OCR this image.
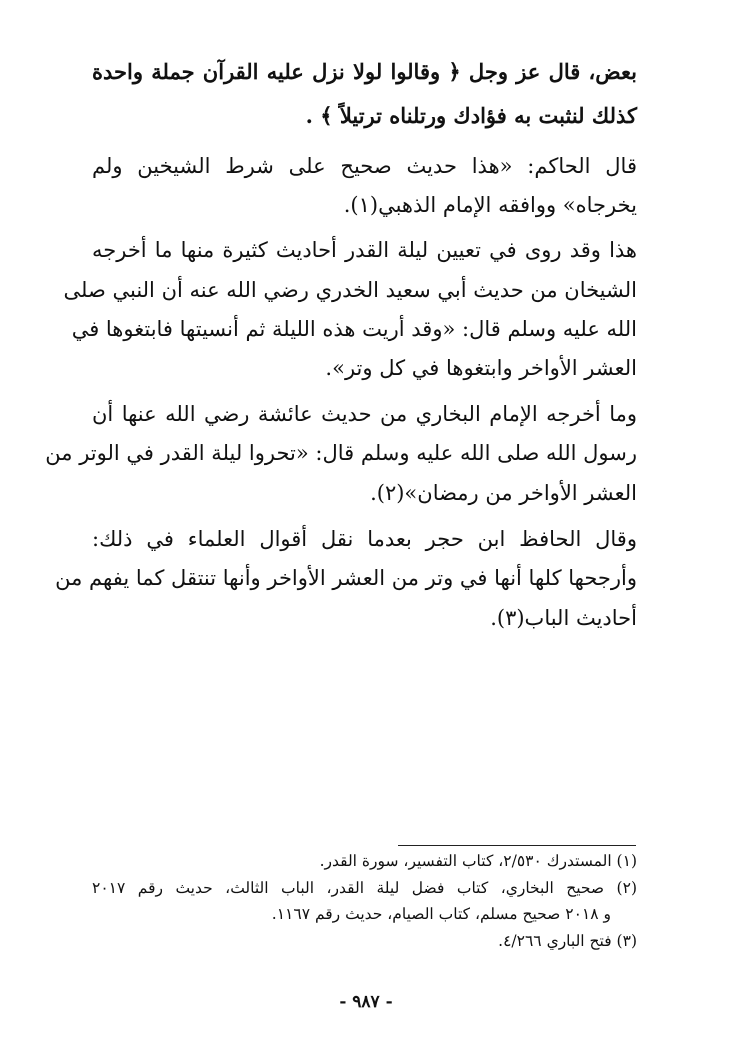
بعض، قال عز وجل ﴿ وقالوا لولا نزل عليه القرآن جملة واحدة
كذلك لنثبت به فؤادك ورتلناه ترتيلاً ﴾ .
قال الحاكم: «هذا حديث صحيح على شرط الشيخين ولم
يخرجاه» ووافقه الإمام الذهبي(١).
هذا وقد روى في تعيين ليلة القدر أحاديث كثيرة منها ما أخرجه
الشيخان من حديث أبي سعيد الخدري رضي الله عنه أن النبي صلى
الله عليه وسلم قال: «وقد أريت هذه الليلة ثم أنسيتها فابتغوها في
العشر الأواخر وابتغوها في كل وتر».
وما أخرجه الإمام البخاري من حديث عائشة رضي الله عنها أن
رسول الله صلى الله عليه وسلم قال: «تحروا ليلة القدر في الوتر من
العشر الأواخر من رمضان»(٢).
وقال الحافظ ابن حجر بعدما نقل أقوال العلماء في ذلك:
وأرجحها كلها أنها في وتر من العشر الأواخر وأنها تنتقل كما يفهم من
أحاديث الباب(٣).
(١) المستدرك ٢/٥٣٠، كتاب التفسير، سورة القدر.
(٢) صحيح البخاري، كتاب فضل ليلة القدر، الباب الثالث، حديث رقم ٢٠١٧
و ٢٠١٨ صحيح مسلم، كتاب الصيام، حديث رقم ١١٦٧.
(٣) فتح الباري ٤/٢٦٦.
- ٩٨٧ -
